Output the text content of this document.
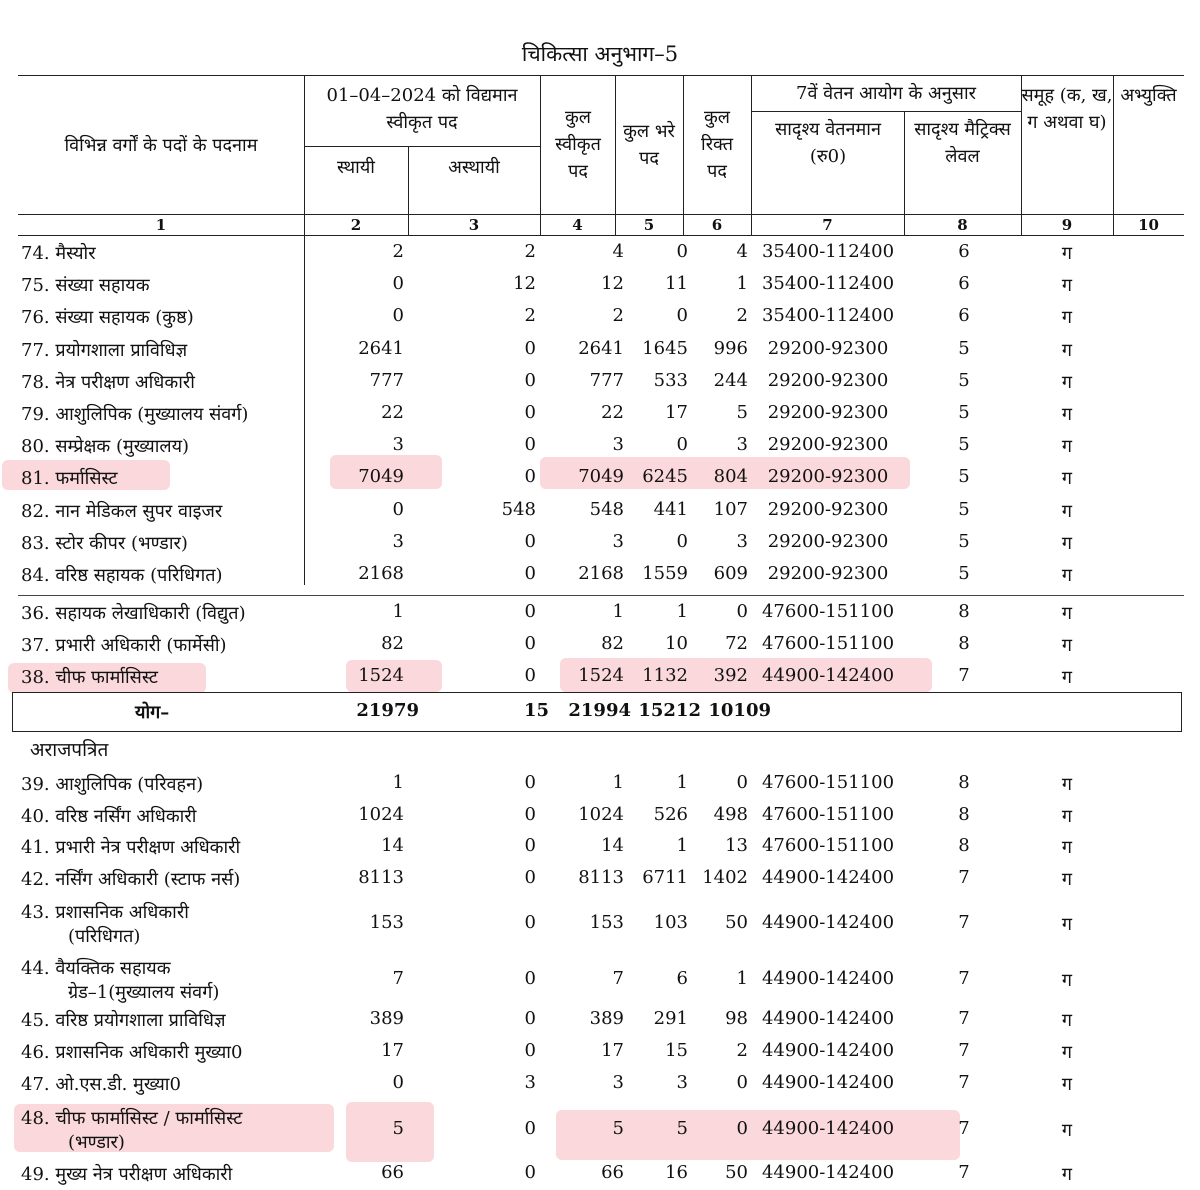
चिकित्सा अनुभाग–5
विभिन्न वर्गों के पदों के पदनाम
01–04–2024 को विद्यमान स्वीकृत पद
स्थायी	अस्थायी
कुल स्वीकृत पद
कुल भरे पद
कुल रिक्त पद
7वें वेतन आयोग के अनुसार
सादृश्य वेतनमान (रु0)
सादृश्य मैट्रिक्स लेवल
समूह (क, ख, ग अथवा घ)
अभ्युक्ति
1	2	3	4	5	6	7	8	9	10
74. मैस्योर	2	2	4	0	4 35400-112400	6	ग
75. संख्या सहायक	0	12	12	11	1 35400-112400	6	ग
76. संख्या सहायक (कुष्ठ)	0	2	2	0	2 35400-112400	6	ग
77. प्रयोगशाला प्राविधिज्ञ	2641	0	2641	1645	996	29200-92300	5	ग
78. नेत्र परीक्षण अधिकारी	777	0	777	533	244	29200-92300	5	ग
79. आशुलिपिक (मुख्यालय संवर्ग)	22	0	22	17	5	29200-92300	5	ग
80. सम्प्रेक्षक (मुख्यालय)	3	0	3	0	3	29200-92300	5	ग
81. फर्मासिस्ट	7049	0	7049	6245	804	29200-92300	5	ग
82. नान मेडिकल सुपर वाइजर	0	548	548	441	107	29200-92300	5	ग
83. स्टोर कीपर (भण्डार)	3	0	3	0	3	29200-92300	5	ग
84. वरिष्ठ सहायक (परिधिगत)	2168	0	2168	1559	609	29200-92300	5	ग
36. सहायक लेखाधिकारी (विद्युत)	1	0	1	1	0 47600-151100	8	ग
37. प्रभारी अधिकारी (फार्मेसी)	82	0	82	10	72 47600-151100	8	ग
38. चीफ फार्मासिस्ट	1524	0	1524	1132	392 44900-142400	7	ग
योग–	21979	15	21994 15212 10109
अराजपत्रित
39. आशुलिपिक (परिवहन)	1	0	1	1	0 47600-151100	8	ग
40. वरिष्ठ नर्सिंग अधिकारी	1024	0	1024	526	498 47600-151100	8	ग
41. प्रभारी नेत्र परीक्षण अधिकारी	14	0	14	1	13 47600-151100	8	ग
42. नर्सिंग अधिकारी (स्टाफ नर्स)	8113	0	8113	6711 1402 44900-142400	7	ग
43. प्रशासनिक अधिकारी
(परिधिगत)
153	0	153	103	50 44900-142400	7	ग
44. वैयक्तिक सहायक
ग्रेड–1(मुख्यालय संवर्ग)
7	0	7	6	1 44900-142400	7	ग
45. वरिष्ठ प्रयोगशाला प्राविधिज्ञ	389	0	389	291	98 44900-142400	7	ग
46. प्रशासनिक अधिकारी मुख्या0	17	0	17	15	2 44900-142400	7	ग
47. ओ.एस.डी. मुख्या0	0	3	3	3	0 44900-142400	7	ग
48. चीफ फार्मासिस्ट / फार्मासिस्ट
(भण्डार)
5	0	5	5	0 44900-142400	7	ग
49. मुख्य नेत्र परीक्षण अधिकारी	66	0	66	16	50 44900-142400	7	ग
